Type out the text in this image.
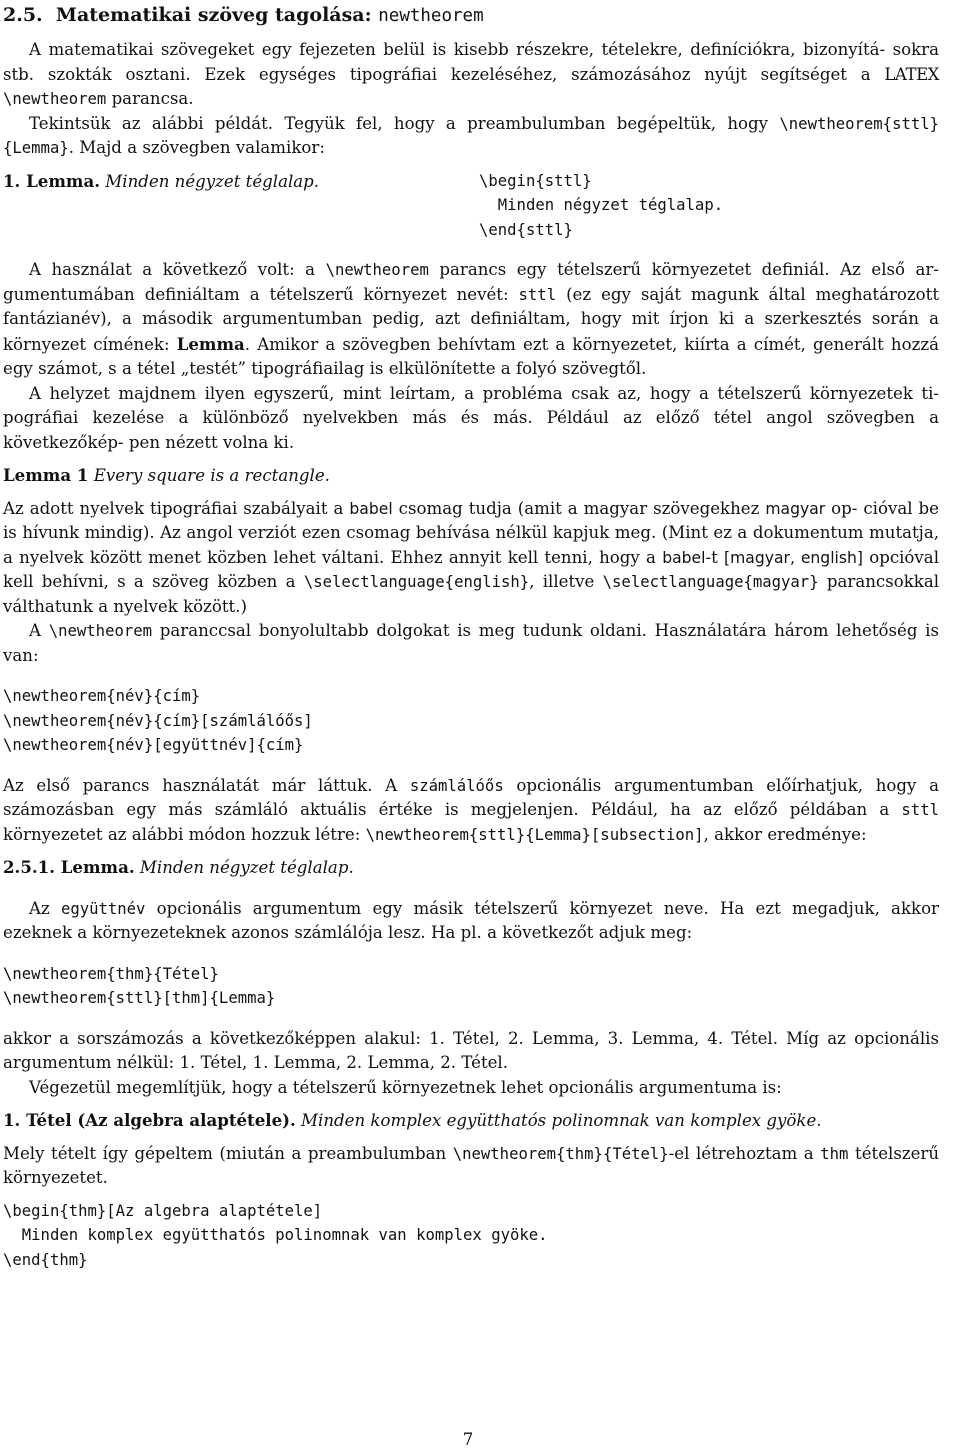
2.5. Matematikai szöveg tagolása: newtheorem

A matematikai szövegeket egy fejezeten belül is kisebb részekre, tételekre, definíciókra, bizonyítá- sokra stb. szokták osztani. Ezek egységes tipográfiai kezeléséhez, számozásához nyújt segítséget a LATEX \newtheorem parancsa.

Tekintsük az alábbi példát. Tegyük fel, hogy a preambulumban begépeltük, hogy \newtheorem{sttl}{Lemma}. Majd a szövegben valamikor:

1. Lemma. Minden négyzet téglalap.	\begin{sttl}
Minden négyzet téglalap.
\end{sttl}

A használat a következő volt: a \newtheorem parancs egy tételszerű környezetet definiál. Az első ar- gumentumában definiáltam a tételszerű környezet nevét: sttl (ez egy saját magunk által meghatározott fantázianév), a második argumentumban pedig, azt definiáltam, hogy mit írjon ki a szerkesztés során a környezet címének: Lemma. Amikor a szövegben behívtam ezt a környezetet, kiírta a címét, generált hozzá egy számot, s a tétel „testét” tipográfiailag is elkülönítette a folyó szövegtől.

A helyzet majdnem ilyen egyszerű, mint leírtam, a probléma csak az, hogy a tételszerű környezetek ti- pográfiai kezelése a különböző nyelvekben más és más. Például az előző tétel angol szövegben a következőkép- pen nézett volna ki.

Lemma 1 Every square is a rectangle.

Az adott nyelvek tipográfiai szabályait a babel csomag tudja (amit a magyar szövegekhez magyar op- cióval be is hívunk mindig). Az angol verziót ezen csomag behívása nélkül kapjuk meg. (Mint ez a dokumentum mutatja, a nyelvek között menet közben lehet váltani. Ehhez annyit kell tenni, hogy a babel-t [magyar, english] opcióval kell behívni, s a szöveg közben a \selectlanguage{english}, illetve \selectlanguage{magyar} parancsokkal válthatunk a nyelvek között.)

A \newtheorem paranccsal bonyolultabb dolgokat is meg tudunk oldani. Használatára három lehetőség is van:

\newtheorem{név}{cím}
\newtheorem{név}{cím}[számlálóős]
\newtheorem{név}[együttnév]{cím}

Az első parancs használatát már láttuk. A számlálóős opcionális argumentumban előírhatjuk, hogy a számozásban egy más számláló aktuális értéke is megjelenjen. Például, ha az előző példában a sttl környezetet az alábbi módon hozzuk létre: \newtheorem{sttl}{Lemma}[subsection], akkor eredménye:

2.5.1. Lemma. Minden négyzet téglalap.

Az együttnév opcionális argumentum egy másik tételszerű környezet neve. Ha ezt megadjuk, akkor ezeknek a környezeteknek azonos számlálója lesz. Ha pl. a következőt adjuk meg:

\newtheorem{thm}{Tétel}
\newtheorem{sttl}[thm]{Lemma}

akkor a sorszámozás a következőképpen alakul: 1. Tétel, 2. Lemma, 3. Lemma, 4. Tétel. Míg az opcionális argumentum nélkül: 1. Tétel, 1. Lemma, 2. Lemma, 2. Tétel.

Végezetül megemlítjük, hogy a tételszerű környezetnek lehet opcionális argumentuma is:

1. Tétel (Az algebra alaptétele). Minden komplex együtthatós polinomnak van komplex gyöke.

Mely tételt így gépeltem (miután a preambulumban \newtheorem{thm}{Tétel}-el létrehoztam a thm tételszerű környezetet.

\begin{thm}[Az algebra alaptétele]
Minden komplex együtthatós polinomnak van komplex gyöke.
\end{thm}
7
